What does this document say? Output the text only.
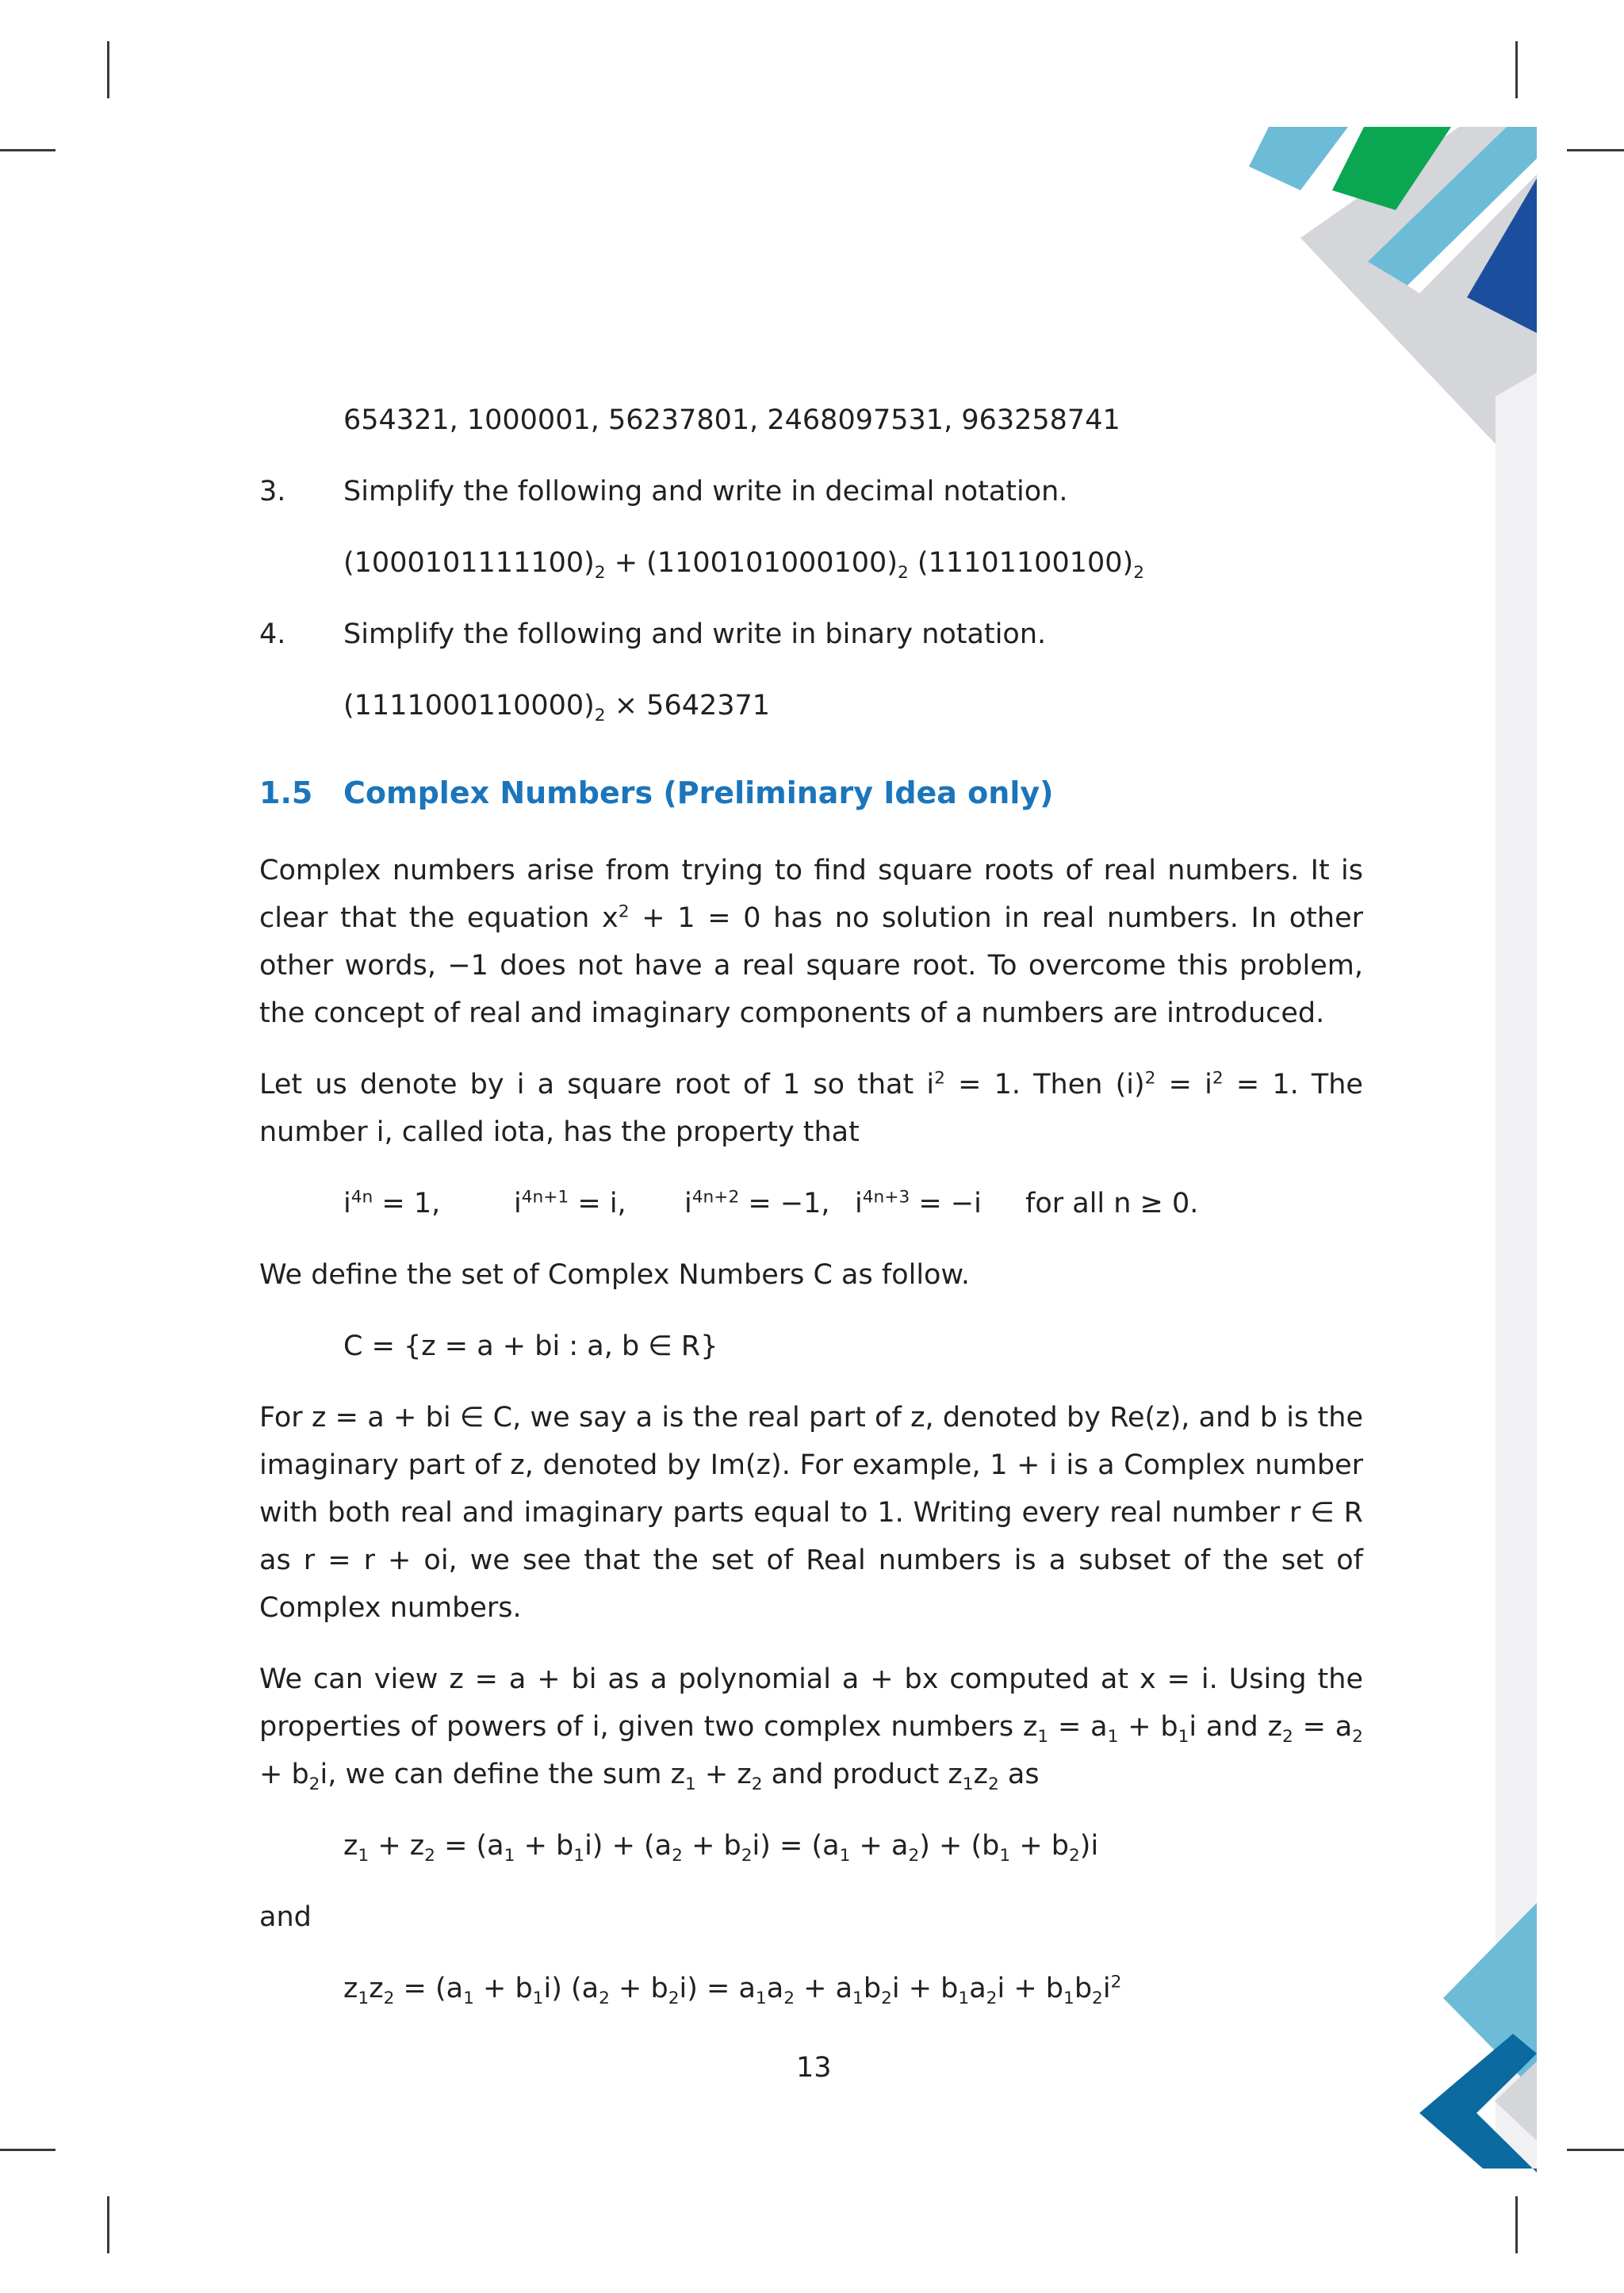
654321, 1000001, 56237801, 2468097531, 963258741
3. Simplify the following and write in decimal notation.
$(1000101111100)_2 + (1100101000100)_2$ $(11101100100)_2$
4. Simplify the following and write in binary notation.
$(1111000110000)_2 \times 5642371$
1.5 Complex Numbers (Preliminary Idea only)
Complex numbers arise from trying to find square roots of real numbers. It is clear that the equation $x^2 + 1 = 0$ has no solution in real numbers. In other other words, −1 does not have a real square root. To overcome this problem, the concept of real and imaginary components of a numbers are introduced.
Let us denote by i a square root of 1 so that $i^2 = 1$. Then $(i)^2 = i^2 = 1$. The number i, called iota, has the property that
$i^{4n} = 1$,	$i^{4n+1} = i$, $i^{4n+2} = -1$, $i^{4n+3} = -i$ for all n ≥ 0.
We define the set of Complex Numbers C as follow.
C = {z = a + bi : a, b ∈ R}
For z = a + bi ∈ C, we say a is the real part of z, denoted by Re(z), and b is the imaginary part of z, denoted by Im(z). For example, 1 + i is a Complex number with both real and imaginary parts equal to 1. Writing every real number r ∈ R as r = r + oi, we see that the set of Real numbers is a subset of the set of Complex numbers.
We can view z = a + bi as a polynomial a + bx computed at x = i. Using the properties of powers of i, given two complex numbers $z_1 = a_1 + b_1i$ and $z_2 = a_2 + b_2i$, we can define the sum $z_1 + z_2$ and product $z_1z_2$ as
$z_1 + z_2 = (a_1 + b_1i) + (a_2 + b_2i) = (a_1 + a_2) + (b_1 + b_2)i$
and
$z_1z_2 = (a_1 + b_1i) (a_2 + b_2i) = a_1a_2 + a_1b_2i + b_1a_2i + b_1b_2i^2$
13
